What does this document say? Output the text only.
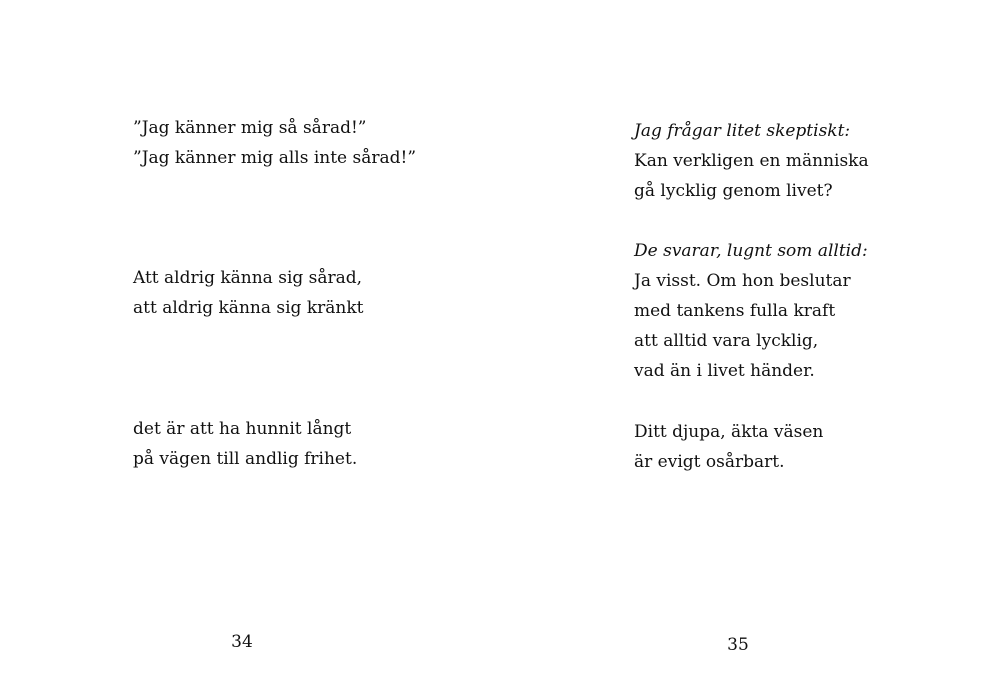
”Jag känner mig så sårad!”
”Jag känner mig alls inte sårad!”
Att aldrig känna sig sårad,
att aldrig känna sig kränkt
det är att ha hunnit långt
på vägen till andlig frihet.
34
Jag frågar litet skeptiskt:
Kan verkligen en människa
gå lycklig genom livet?
De svarar, lugnt som alltid:
Ja visst. Om hon beslutar
med tankens fulla kraft
att alltid vara lycklig,
vad än i livet händer.
Ditt djupa, äkta väsen
är evigt osårbart.
35
